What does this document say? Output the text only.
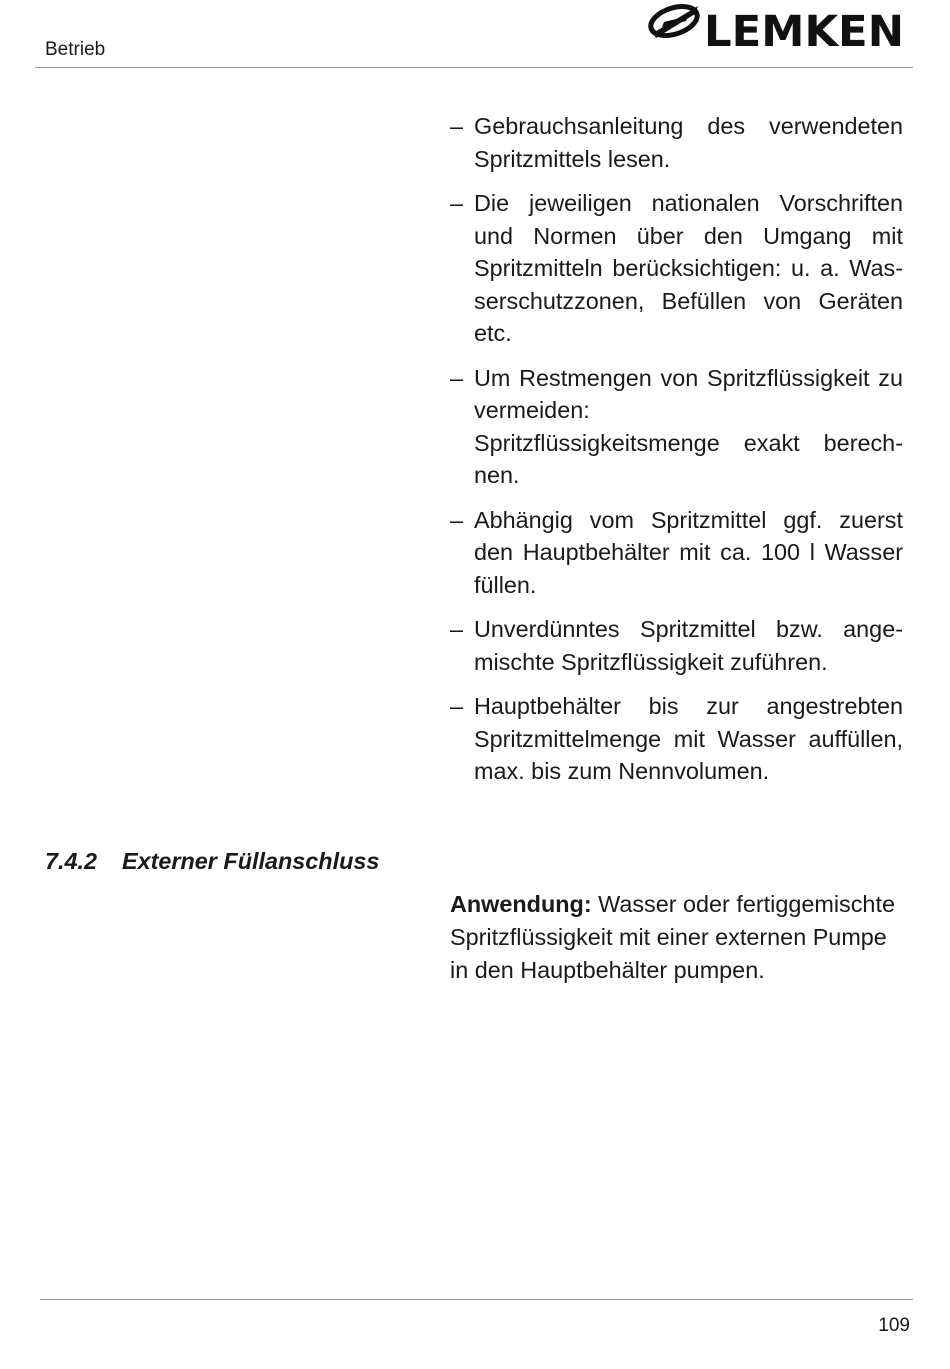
Betrieb	LEMKEN
– Gebrauchsanleitung des verwendeten Spritzmittels lesen.
– Die jeweiligen nationalen Vorschriften und Normen über den Umgang mit Spritzmitteln berücksichtigen: u. a. Wasserschutzzonen, Befüllen von Geräten etc.
– Um Restmengen von Spritzflüssigkeit zu vermeiden:
Spritzflüssigkeitsmenge exakt berechnen.
– Abhängig vom Spritzmittel ggf. zuerst den Hauptbehälter mit ca. 100 l Wasser füllen.
– Unverdünntes Spritzmittel bzw. angemischte Spritzflüssigkeit zuführen.
– Hauptbehälter bis zur angestrebten Spritzmittelmenge mit Wasser auffüllen, max. bis zum Nennvolumen.
7.4.2 Externer Füllanschluss

Anwendung: Wasser oder fertiggemischte Spritzflüssigkeit mit einer externen Pumpe in den Hauptbehälter pumpen.

109
